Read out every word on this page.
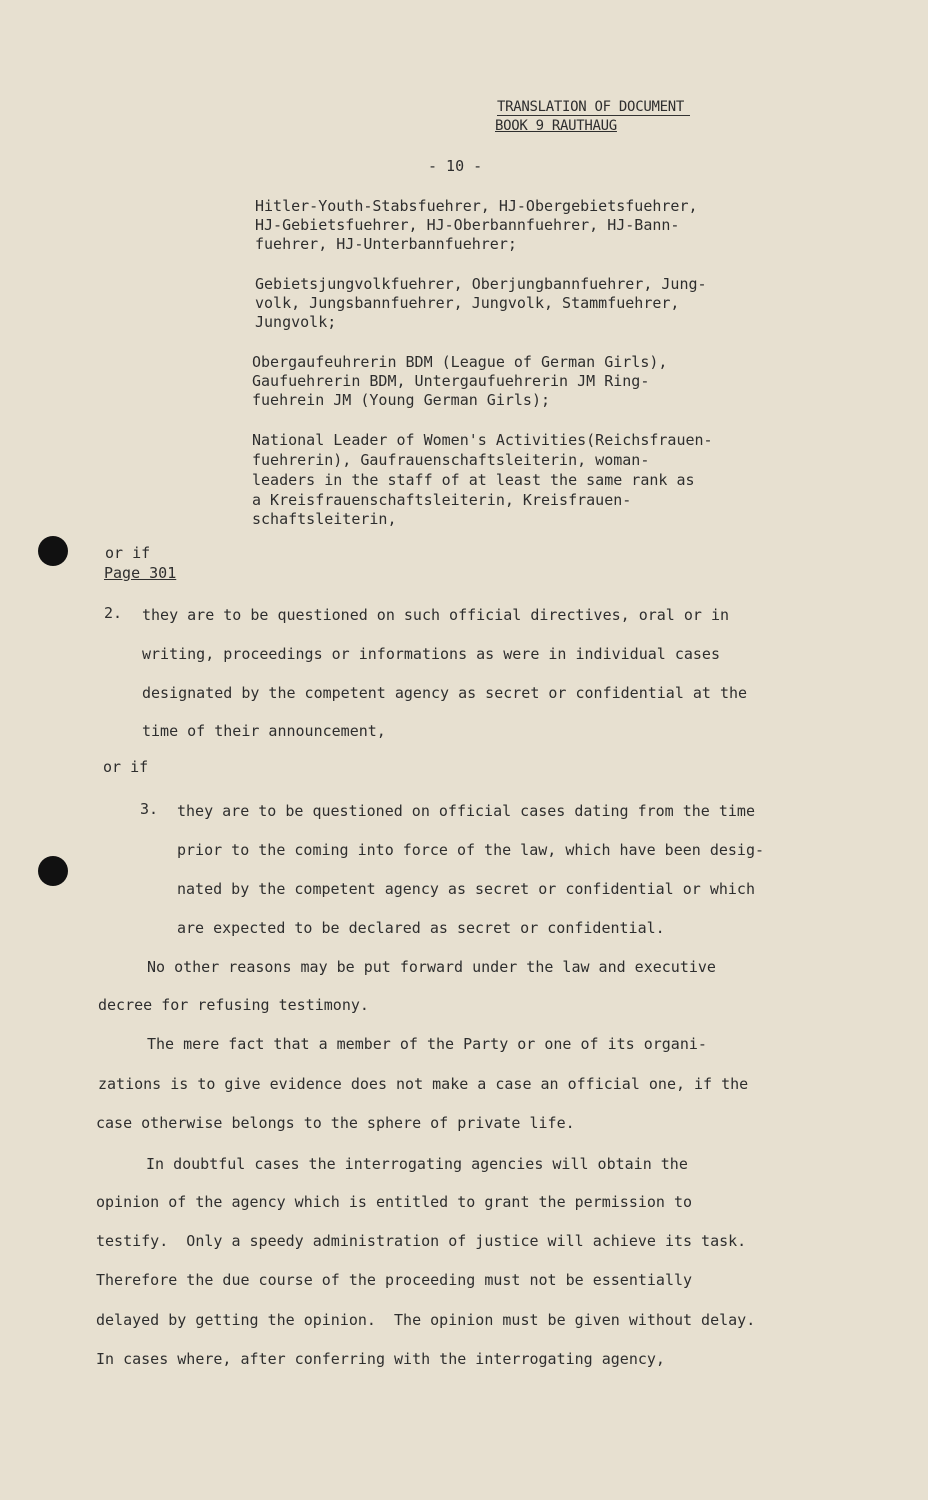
TRANSLATION OF DOCUMENT
BOOK 9 RAUTHAUG
- 10 -
Hitler-Youth-Stabsfuehrer, HJ-Obergebietsfuehrer,
HJ-Gebietsfuehrer, HJ-Oberbannfuehrer, HJ-Bann-
fuehrer, HJ-Unterbannfuehrer;
Gebietsjungvolkfuehrer, Oberjungbannfuehrer, Jung-
volk, Jungsbannfuehrer, Jungvolk, Stammfuehrer,
Jungvolk;
Obergaufeuhrerin BDM (League of German Girls),
Gaufuehrerin BDM, Untergaufuehrerin JM Ring-
fuehrein JM (Young German Girls);
National Leader of Women's Activities(Reichsfrauen-
fuehrerin), Gaufrauenschaftsleiterin, woman-
leaders in the staff of at least the same rank as
a Kreisfrauenschaftsleiterin, Kreisfrauen-
schaftsleiterin,
or if
Page 301
2. they are to be questioned on such official directives, oral or in
writing, proceedings or informations as were in individual cases
designated by the competent agency as secret or confidential at the
time of their announcement,
or if
3. they are to be questioned on official cases dating from the time
prior to the coming into force of the law, which have been desig-
nated by the competent agency as secret or confidential or which
are expected to be declared as secret or confidential.
No other reasons may be put forward under the law and executive
decree for refusing testimony.
The mere fact that a member of the Party or one of its organi-
zations is to give evidence does not make a case an official one, if the
case otherwise belongs to the sphere of private life.
In doubtful cases the interrogating agencies will obtain the
opinion of the agency which is entitled to grant the permission to
testify.  Only a speedy administration of justice will achieve its task.
Therefore the due course of the proceeding must not be essentially
delayed by getting the opinion.  The opinion must be given without delay.
In cases where, after conferring with the interrogating agency,
